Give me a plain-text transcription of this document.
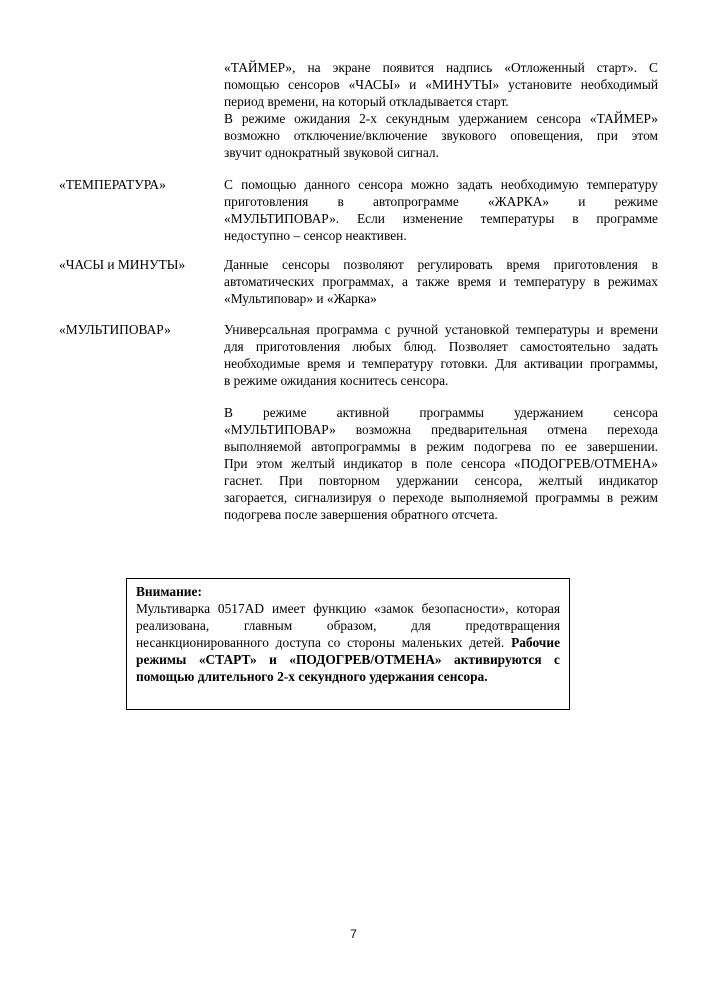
«ТАЙМЕР», на экране появится надпись «Отложенный старт». С
помощью сенсоров «ЧАСЫ» и «МИНУТЫ» установите необходимый
период времени, на который откладывается старт.
В режиме ожидания 2-х секундным удержанием сенсора «ТАЙМЕР»
возможно отключение/включение звукового оповещения, при этом
звучит однократный звуковой сигнал.

«ТЕМПЕРАТУРА»	С помощью данного сенсора можно задать необходимую температуру
приготовления в автопрограмме «ЖАРКА» и режиме
«МУЛЬТИПОВАР». Если изменение температуры в программе
недоступно – сенсор неактивен.

«ЧАСЫ и МИНУТЫ»	Данные сенсоры позволяют регулировать время приготовления в
автоматических программах, а также время и температуру в режимах
«Мультиповар» и «Жарка»

«МУЛЬТИПОВАР»	Универсальная программа с ручной установкой температуры и времени
для приготовления любых блюд. Позволяет самостоятельно задать
необходимые время и температуру готовки. Для активации программы,
в режиме ожидания коснитесь сенсора.
В режиме активной программы удержанием сенсора
«МУЛЬТИПОВАР» возможна предварительная отмена перехода
выполняемой автопрограммы в режим подогрева по ее завершении.
При этом желтый индикатор в поле сенсора «ПОДОГРЕВ/ОТМЕНА»
гаснет. При повторном удержании сенсора, желтый индикатор
загорается, сигнализируя о переходе выполняемой программы в режим
подогрева после завершения обратного отсчета.
Внимание:
Мультиварка 0517AD имеет функцию «замок безопасности», которая
реализована, главным образом, для предотвращения
несанкционированного доступа со стороны маленьких детей. Рабочие
режимы «СТАРТ» и «ПОДОГРЕВ/ОТМЕНА» активируются с
помощью длительного 2-х секундного удержания сенсора.
7
